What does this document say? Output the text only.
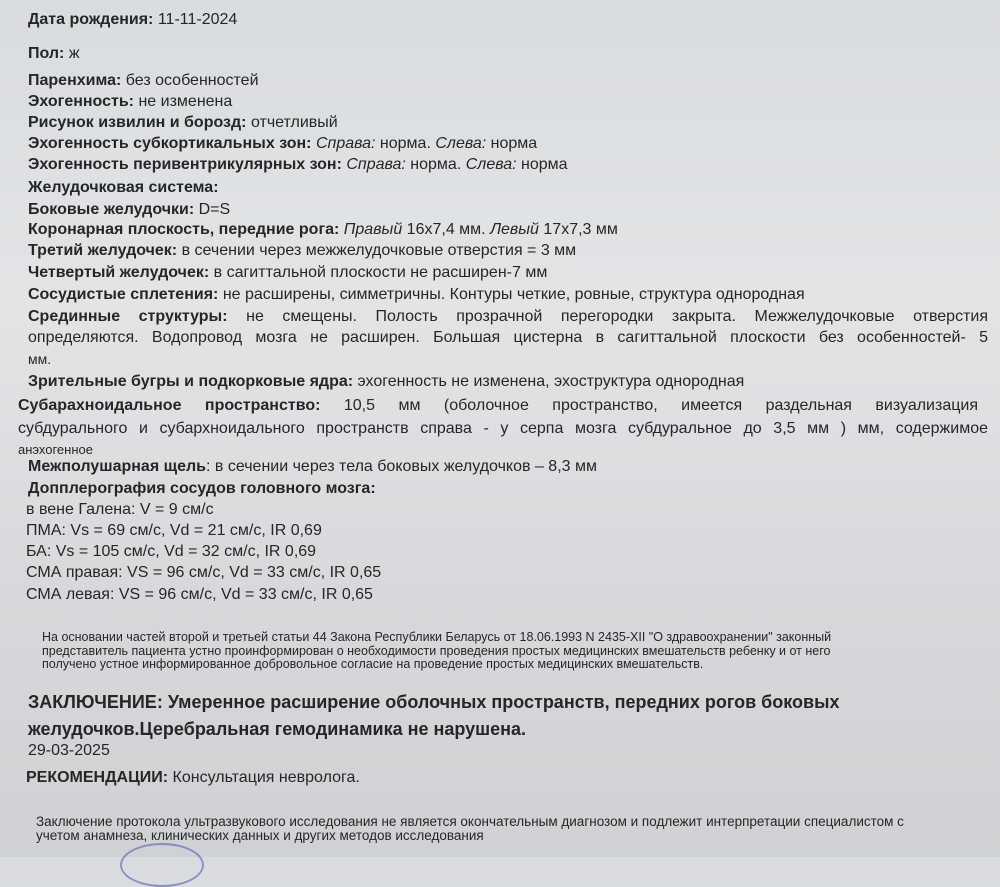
Дата рождения: 11-11-2024
Пол: ж
Паренхима: без особенностей
Эхогенность: не изменена
Рисунок извилин и борозд: отчетливый
Эхогенность субкортикальных зон: Справа: норма. Слева: норма
Эхогенность перивентрикулярных зон: Справа: норма. Слева: норма
Желудочковая система:
Боковые желудочки: D=S
Коронарная плоскость, передние рога: Правый 16x7,4 мм. Левый 17x7,3 мм
Третий желудочек: в сечении через межжелудочковые отверстия = 3 мм
Четвертый желудочек: в сагиттальной плоскости не расширен-7 мм
Сосудистые сплетения: не расширены, симметричны. Контуры четкие, ровные, структура однородная
Срединные структуры: не смещены. Полость прозрачной перегородки закрыта. Межжелудочковые отверстия
определяются. Водопровод мозга не расширен. Большая цистерна в сагиттальной плоскости без особенностей- 5
мм.
Зрительные бугры и подкорковые ядра: эхогенность не изменена, эхоструктура однородная
Субарахноидальное пространство: 10,5 мм (оболочное пространство, имеется раздельная визуализация
субдурального и субархноидального пространств справа - у серпа мозга субдуральное до 3,5 мм ) мм, содержимое
анэхогенное
Межполушарная щель: в сечении через тела боковых желудочков – 8,3 мм
Допплерография сосудов головного мозга:
в вене Галена: V = 9 см/с
ПМА: Vs = 69 см/с, Vd = 21 см/с, IR 0,69
БА: Vs = 105 см/с, Vd = 32 см/с, IR 0,69
СМА правая: VS = 96 см/с, Vd = 33 см/с, IR 0,65
СМА левая: VS = 96 см/с, Vd = 33 см/с, IR 0,65
На основании частей второй и третьей статьи 44 Закона Республики Беларусь от 18.06.1993 N 2435-XII "О здравоохранении" законный
представитель пациента устно проинформирован о необходимости проведения простых медицинских вмешательств ребенку и от него
получено устное информированное добровольное согласие на проведение простых медицинских вмешательств.
ЗАКЛЮЧЕНИЕ: Умеренное расширение оболочных пространств, передних рогов боковых
желудочков.Церебральная гемодинамика не нарушена.
29-03-2025
РЕКОМЕНДАЦИИ: Консультация невролога.
Заключение протокола ультразвукового исследования не является окончательным диагнозом и подлежит интерпретации специалистом с
учетом анамнеза, клинических данных и других методов исследования
